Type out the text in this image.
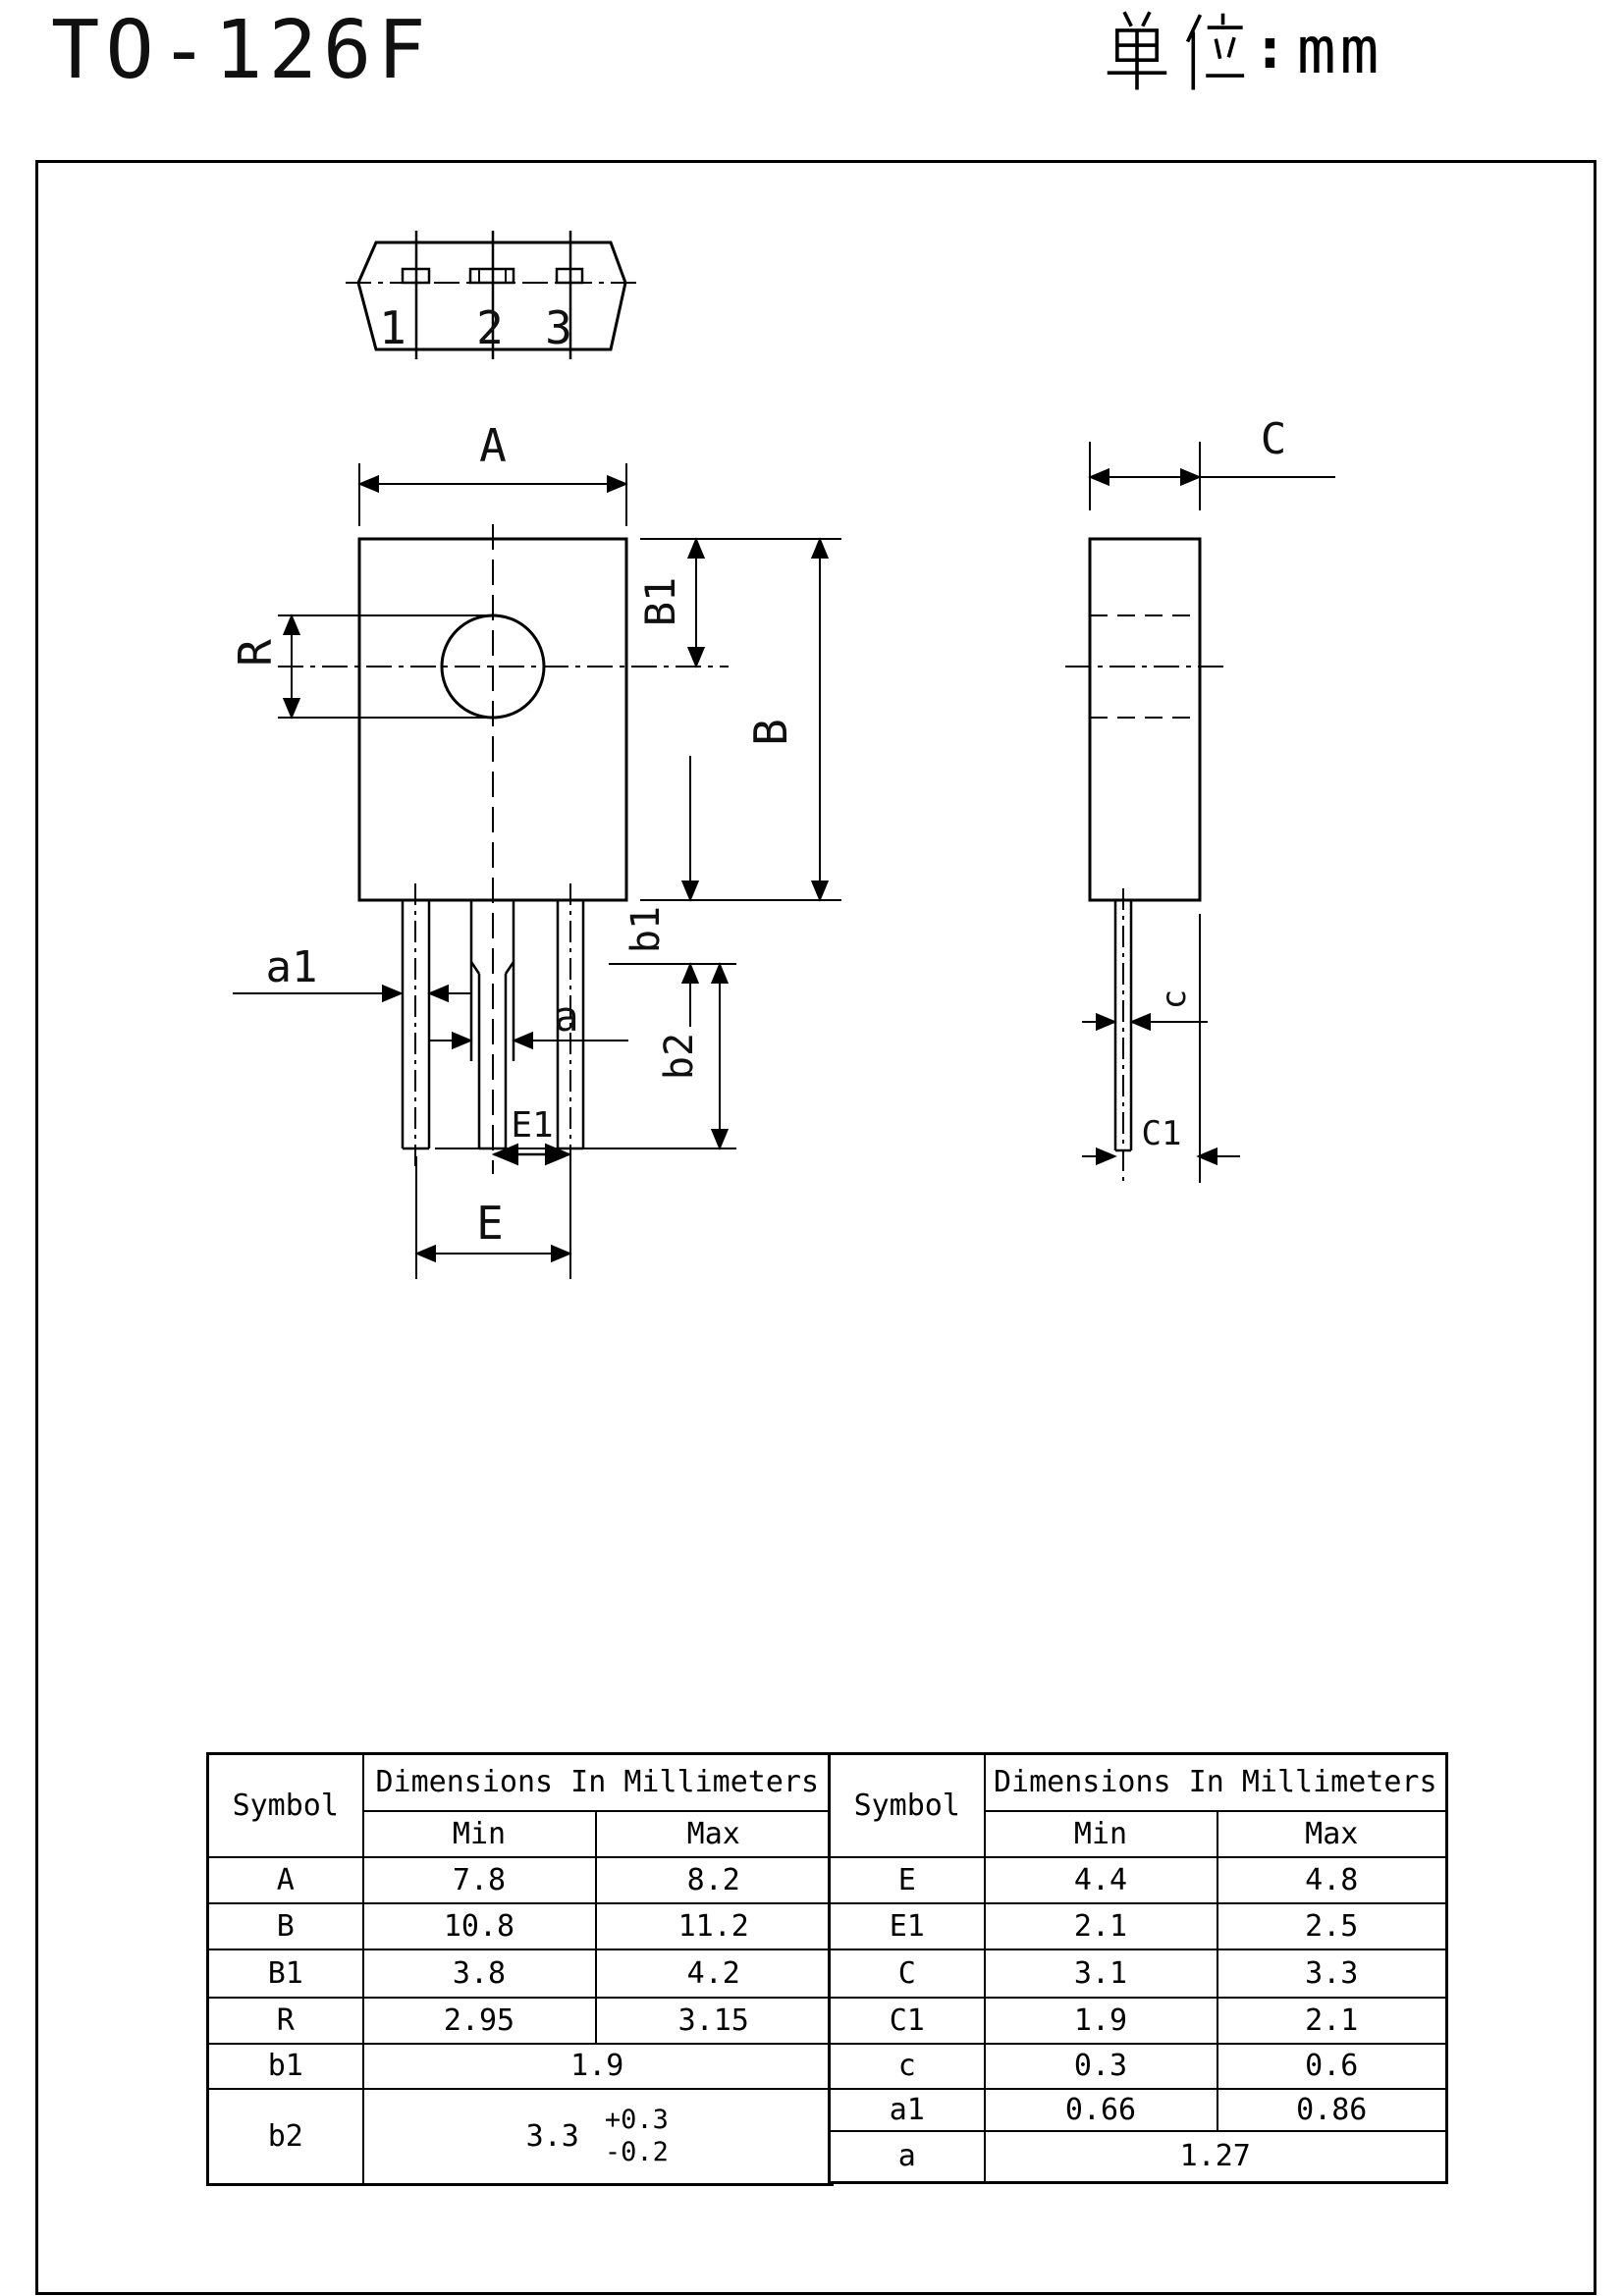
TO-126F	: mm
1 2 3
A
R
B1
B
b1
b2
a1
a
E1
E
C
c
C1
Symbol	Dimensions In Millimeters	
	Min	Max
A	7.8	8.2
B	10.8	11.2
B1	3.8	4.2
R	2.95	3.15
b1	1.9	
b2	3.3 +0.3
-0.2	
Symbol	Dimensions In Millimeters	
	Min	Max
E	4.4	4.8
E1	2.1	2.5
C	3.1	3.3
C1	1.9	2.1
c	0.3	0.6
a1	0.66	0.86
a	1.27	
